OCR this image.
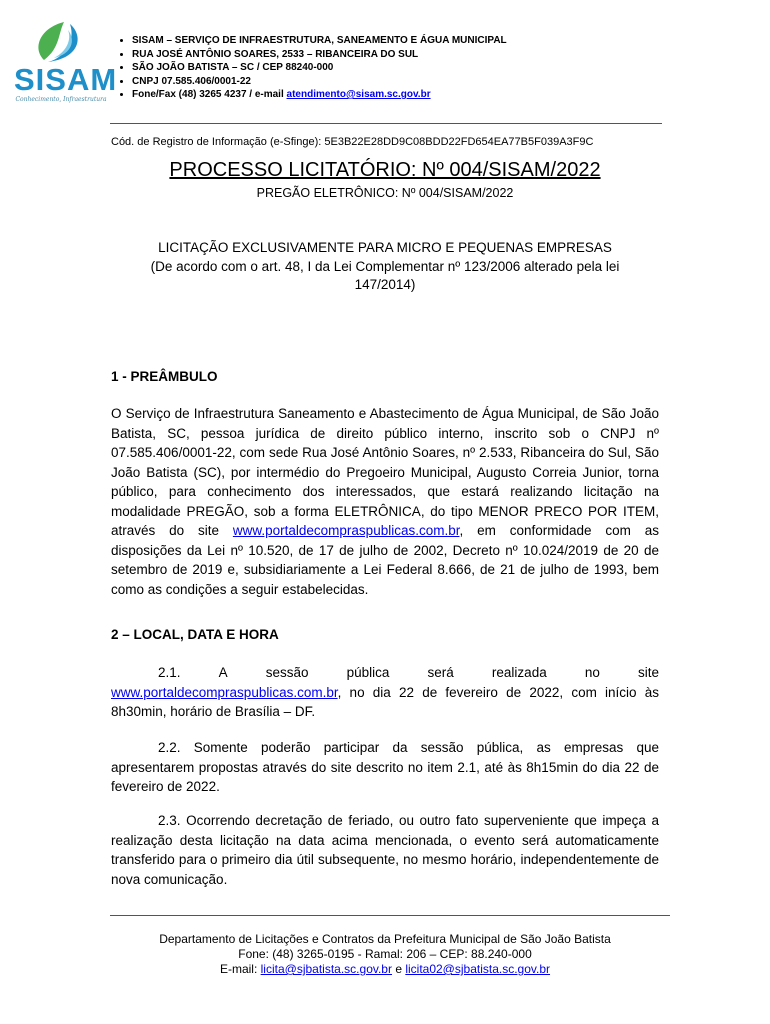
SISAM
Conhecimento, Infraestrutura
• SISAM – SERVIÇO DE INFRAESTRUTURA, SANEAMENTO E ÁGUA MUNICIPAL
• RUA JOSÉ ANTÔNIO SOARES, 2533 – RIBANCEIRA DO SUL
• SÃO JOÃO BATISTA – SC / CEP 88240-000
• CNPJ 07.585.406/0001-22
• Fone/Fax (48) 3265 4237 / e-mail atendimento@sisam.sc.gov.br
Cód. de Registro de Informação (e-Sfinge): 5E3B22E28DD9C08BDD22FD654EA77B5F039A3F9C
PROCESSO LICITATÓRIO: Nº 004/SISAM/2022
PREGÃO ELETRÔNICO: Nº 004/SISAM/2022
LICITAÇÃO EXCLUSIVAMENTE PARA MICRO E PEQUENAS EMPRESAS
(De acordo com o art. 48, I da Lei Complementar nº 123/2006 alterado pela lei 147/2014)
1 - PREÂMBULO

O Serviço de Infraestrutura Saneamento e Abastecimento de Água Municipal, de São João Batista, SC, pessoa jurídica de direito público interno, inscrito sob o CNPJ nº 07.585.406/0001-22, com sede Rua José Antônio Soares, nº 2.533, Ribanceira do Sul, São João Batista (SC), por intermédio do Pregoeiro Municipal, Augusto Correia Junior, torna público, para conhecimento dos interessados, que estará realizando licitação na modalidade PREGÃO, sob a forma ELETRÔNICA, do tipo MENOR PRECO POR ITEM, através do site www.portaldecompraspublicas.com.br, em conformidade com as disposições da Lei nº 10.520, de 17 de julho de 2002, Decreto nº 10.024/2019 de 20 de setembro de 2019 e, subsidiariamente a Lei Federal 8.666, de 21 de julho de 1993, bem como as condições a seguir estabelecidas.

2 – LOCAL, DATA E HORA
2.1.	A	sessão	pública	será	realizada	no	site
www.portaldecompraspublicas.com.br, no dia 22 de fevereiro de 2022, com início às 8h30min, horário de Brasília – DF.

2.2. Somente poderão participar da sessão pública, as empresas que apresentarem propostas através do site descrito no item 2.1, até às 8h15min do dia 22 de fevereiro de 2022.

2.3. Ocorrendo decretação de feriado, ou outro fato superveniente que impeça a realização desta licitação na data acima mencionada, o evento será automaticamente transferido para o primeiro dia útil subsequente, no mesmo horário, independentemente de nova comunicação.

Departamento de Licitações e Contratos da Prefeitura Municipal de São João Batista
Fone: (48) 3265-0195 - Ramal: 206 – CEP: 88.240-000
E-mail: licita@sjbatista.sc.gov.br e licita02@sjbatista.sc.gov.br
